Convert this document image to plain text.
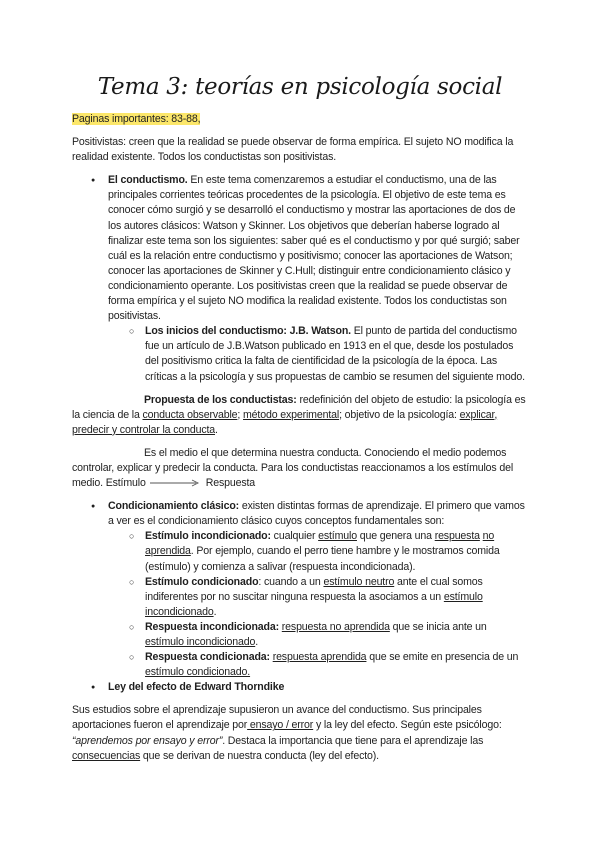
Tema 3: teorías en psicología social

Paginas importantes: 83-88,

Positivistas: creen que la realidad se puede observar de forma empírica. El sujeto NO modifica la realidad existente. Todos los conductistas son positivistas.

● El conductismo. En este tema comenzaremos a estudiar el conductismo, una de las principales corrientes teóricas procedentes de la psicología. El objetivo de este tema es conocer cómo surgió y se desarrolló el conductismo y mostrar las aportaciones de dos de los autores clásicos: Watson y Skinner. Los objetivos que deberían haberse logrado al finalizar este tema son los siguientes: saber qué es el conductismo y por qué surgió; saber cuál es la relación entre conductismo y positivismo; conocer las aportaciones de Watson; conocer las aportaciones de Skinner y C.Hull; distinguir entre condicionamiento clásico y condicionamiento operante. Los positivistas creen que la realidad se puede observar de forma empírica y el sujeto NO modifica la realidad existente. Todos los conductistas son positivistas.

○ Los inicios del conductismo: J.B. Watson. El punto de partida del conductismo fue un artículo de J.B.Watson publicado en 1913 en el que, desde los postulados del positivismo critica la falta de cientificidad de la psicología de la época. Las críticas a la psicología y sus propuestas de cambio se resumen del siguiente modo.

Propuesta de los conductistas: redefinición del objeto de estudio: la psicología es la ciencia de la conducta observable; método experimental; objetivo de la psicología: explicar, predecir y controlar la conducta.

Es el medio el que determina nuestra conducta. Conociendo el medio podemos controlar, explicar y predecir la conducta. Para los conductistas reaccionamos a los estímulos del medio. Estímulo	Respuesta

● Condicionamiento clásico: existen distintas formas de aprendizaje. El primero que vamos a ver es el condicionamiento clásico cuyos conceptos fundamentales son:

○ Estímulo incondicionado: cualquier estímulo que genera una respuesta no aprendida. Por ejemplo, cuando el perro tiene hambre y le mostramos comida (estímulo) y comienza a salivar (respuesta incondicionada).

○ Estímulo condicionado: cuando a un estímulo neutro ante el cual somos indiferentes por no suscitar ninguna respuesta la asociamos a un estímulo incondicionado.

○ Respuesta incondicionada: respuesta no aprendida que se inicia ante un estímulo incondicionado.

○ Respuesta condicionada: respuesta aprendida que se emite en presencia de un estímulo condicionado.

● Ley del efecto de Edward Thorndike

Sus estudios sobre el aprendizaje supusieron un avance del conductismo. Sus principales aportaciones fueron el aprendizaje por ensayo / error y la ley del efecto. Según este psicólogo: “aprendemos por ensayo y error”. Destaca la importancia que tiene para el aprendizaje las consecuencias que se derivan de nuestra conducta (ley del efecto).
